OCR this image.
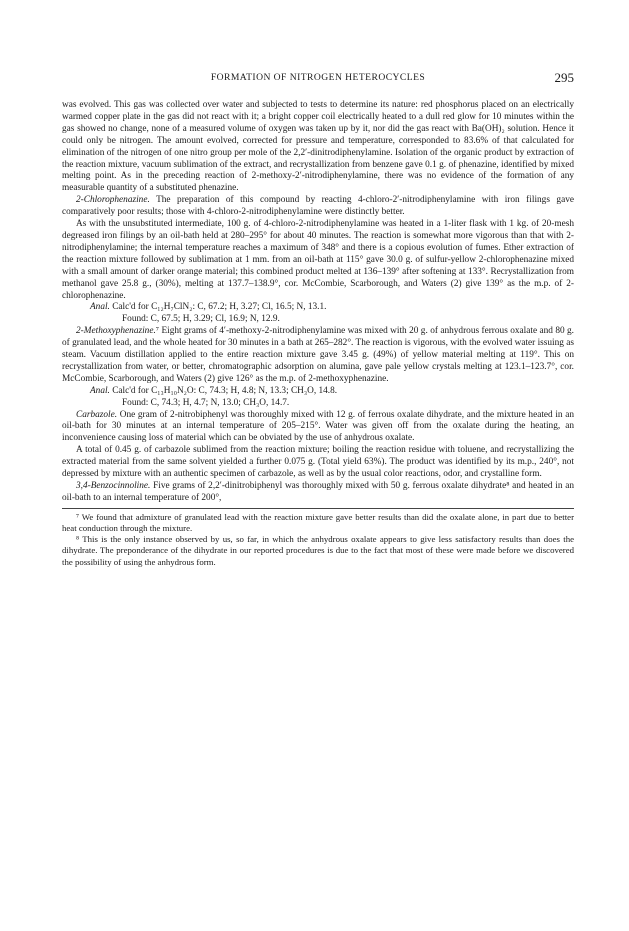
FORMATION OF NITROGEN HETEROCYCLES	295

was evolved. This gas was collected over water and subjected to tests to determine its nature: red phosphorus placed on an electrically warmed copper plate in the gas did not react with it; a bright copper coil electrically heated to a dull red glow for 10 minutes within the gas showed no change, none of a measured volume of oxygen was taken up by it, nor did the gas react with Ba(OH)₂ solution. Hence it could only be nitrogen. The amount evolved, corrected for pressure and temperature, corresponded to 83.6% of that calculated for elimination of the nitrogen of one nitro group per mole of the 2,2′-dinitrodiphenylamine. Isolation of the organic product by extraction of the reaction mixture, vacuum sublimation of the extract, and recrystallization from benzene gave 0.1 g. of phenazine, identified by mixed melting point. As in the preceding reaction of 2-methoxy-2′-nitrodiphenylamine, there was no evidence of the formation of any measurable quantity of a substituted phenazine.

2-Chlorophenazine. The preparation of this compound by reacting 4-chloro-2′-nitrodiphenylamine with iron filings gave comparatively poor results; those with 4-chloro-2-nitrodiphenylamine were distinctly better.

As with the unsubstituted intermediate, 100 g. of 4-chloro-2-nitrodiphenylamine was heated in a 1-liter flask with 1 kg. of 20-mesh degreased iron filings by an oil-bath held at 280–295° for about 40 minutes. The reaction is somewhat more vigorous than that with 2-nitrodiphenylamine; the internal temperature reaches a maximum of 348° and there is a copious evolution of fumes. Ether extraction of the reaction mixture followed by sublimation at 1 mm. from an oil-bath at 115° gave 30.0 g. of sulfur-yellow 2-chlorophenazine mixed with a small amount of darker orange material; this combined product melted at 136–139° after softening at 133°. Recrystallization from methanol gave 25.8 g., (30%), melting at 137.7–138.9°, cor. McCombie, Scarborough, and Waters (2) give 139° as the m.p. of 2-chlorophenazine.

Anal. Calc'd for C₁₂H₇ClN₂: C, 67.2; H, 3.27; Cl, 16.5; N, 13.1.

Found: C, 67.5; H, 3.29; Cl, 16.9; N, 12.9.

2-Methoxyphenazine.⁷ Eight grams of 4′-methoxy-2-nitrodiphenylamine was mixed with 20 g. of anhydrous ferrous oxalate and 80 g. of granulated lead, and the whole heated for 30 minutes in a bath at 265–282°. The reaction is vigorous, with the evolved water issuing as steam. Vacuum distillation applied to the entire reaction mixture gave 3.45 g. (49%) of yellow material melting at 119°. This on recrystallization from water, or better, chromatographic adsorption on alumina, gave pale yellow crystals melting at 123.1–123.7°, cor. McCombie, Scarborough, and Waters (2) give 126° as the m.p. of 2-methoxyphenazine.

Anal. Calc'd for C₁₃H₁₀N₂O: C, 74.3; H, 4.8; N, 13.3; CH₃O, 14.8.

Found: C, 74.3; H, 4.7; N, 13.0; CH₃O, 14.7.

Carbazole. One gram of 2-nitrobiphenyl was thoroughly mixed with 12 g. of ferrous oxalate dihydrate, and the mixture heated in an oil-bath for 30 minutes at an internal temperature of 205–215°. Water was given off from the oxalate during the heating, an inconvenience causing loss of material which can be obviated by the use of anhydrous oxalate.

A total of 0.45 g. of carbazole sublimed from the reaction mixture; boiling the reaction residue with toluene, and recrystallizing the extracted material from the same solvent yielded a further 0.075 g. (Total yield 63%). The product was identified by its m.p., 240°, not depressed by mixture with an authentic specimen of carbazole, as well as by the usual color reactions, odor, and crystalline form.

3,4-Benzocinnoline. Five grams of 2,2′-dinitrobiphenyl was thoroughly mixed with 50 g. ferrous oxalate dihydrate⁸ and heated in an oil-bath to an internal temperature of 200°,

⁷ We found that admixture of granulated lead with the reaction mixture gave better results than did the oxalate alone, in part due to better heat conduction through the mixture.

⁸ This is the only instance observed by us, so far, in which the anhydrous oxalate appears to give less satisfactory results than does the dihydrate. The preponderance of the dihydrate in our reported procedures is due to the fact that most of these were made before we discovered the possibility of using the anhydrous form.
